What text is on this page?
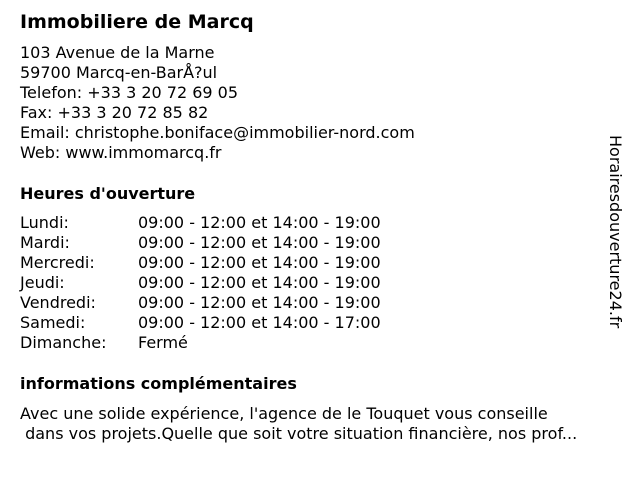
Immobiliere de Marcq
103 Avenue de la Marne
59700 Marcq-en-BarÅ?ul
Telefon: +33 3 20 72 69 05
Fax: +33 3 20 72 85 82
Email: christophe.boniface@immobilier-nord.com
Web: www.immomarcq.fr
Heures d'ouverture
Lundi:	09:00 - 12:00 et 14:00 - 19:00
Mardi:	09:00 - 12:00 et 14:00 - 19:00
Mercredi:	09:00 - 12:00 et 14:00 - 19:00
Jeudi:	09:00 - 12:00 et 14:00 - 19:00
Vendredi:	09:00 - 12:00 et 14:00 - 19:00
Samedi:	09:00 - 12:00 et 14:00 - 17:00
Dimanche: Fermé
informations complémentaires
Avec une solide expérience, l'agence de le Touquet vous conseille
dans vos projets.Quelle que soit votre situation financière, nos prof...
Horairesdouverture24.fr
